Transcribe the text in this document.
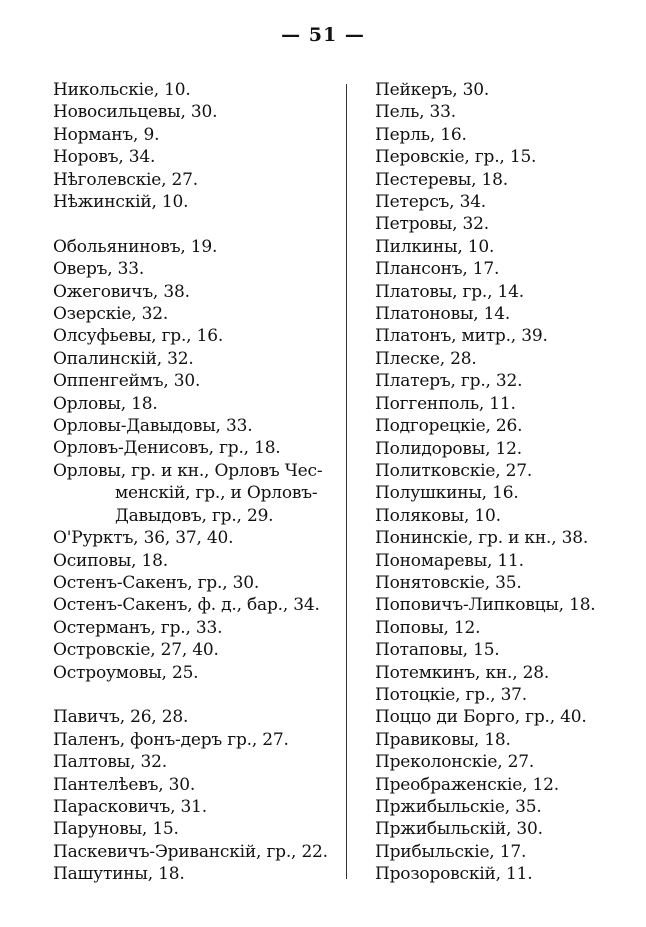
— 51 —
Никольскіе, 10.
Новосильцевы, 30.
Норманъ, 9.
Норовъ, 34.
Нѣголевскіе, 27.
Нѣжинскій, 10.
Обольяниновъ, 19.
Оверъ, 33.
Ожеговичъ, 38.
Озерскіе, 32.
Олсуфьевы, гр., 16.
Опалинскій, 32.
Оппенгеймъ, 30.
Орловы, 18.
Орловы-Давыдовы, 33.
Орловъ-Денисовъ, гр., 18.
Орловы, гр. и кн., Орловъ Чес-
менскій, гр., и Орловъ-
Давыдовъ, гр., 29.
О'Рурктъ, 36, 37, 40.
Осиповы, 18.
Остенъ-Сакенъ, гр., 30.
Остенъ-Сакенъ, ф. д., бар., 34.
Остерманъ, гр., 33.
Островскіе, 27, 40.
Остроумовы, 25.
Павичъ, 26, 28.
Паленъ, фонъ-деръ гр., 27.
Палтовы, 32.
Пантелѣевъ, 30.
Парасковичъ, 31.
Паруновы, 15.
Паскевичъ-Эриванскій, гр., 22.
Пашутины, 18.
Пейкеръ, 30.
Пель, 33.
Перль, 16.
Перовскіе, гр., 15.
Пестеревы, 18.
Петерсъ, 34.
Петровы, 32.
Пилкины, 10.
Плансонъ, 17.
Платовы, гр., 14.
Платоновы, 14.
Платонъ, митр., 39.
Плеске, 28.
Платеръ, гр., 32.
Поггенполь, 11.
Подгорецкіе, 26.
Полидоровы, 12.
Политковскіе, 27.
Полушкины, 16.
Поляковы, 10.
Понинскіе, гр. и кн., 38.
Пономаревы, 11.
Понятовскіе, 35.
Поповичъ-Липковцы, 18.
Поповы, 12.
Потаповы, 15.
Потемкинъ, кн., 28.
Потоцкіе, гр., 37.
Поццо ди Борго, гр., 40.
Правиковы, 18.
Преколонскіе, 27.
Преображенскіе, 12.
Пржибыльскіе, 35.
Пржибыльскій, 30.
Прибыльскіе, 17.
Прозоровскій, 11.
